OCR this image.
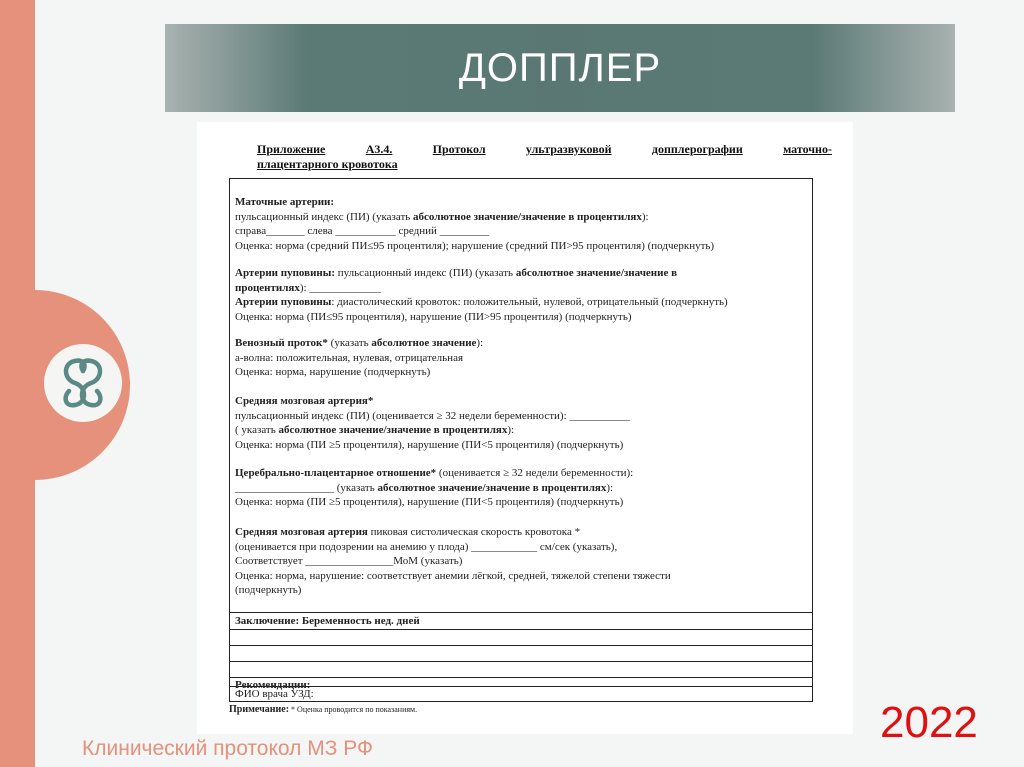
ДОППЛЕР
Приложение	А3.4.	Протокол	ультразвуковой	допплерографии	маточно-
плацентарного кровотока
Маточные артерии:
пульсационный индекс (ПИ) (указать абсолютное значение/значение в процентилях):
справа_______ слева ___________ средний _________
Оценка: норма (средний ПИ≤95 процентиля); нарушение (средний ПИ>95 процентиля) (подчеркнуть)
Артерии пуповины: пульсационный индекс (ПИ) (указать абсолютное значение/значение в
процентилях): _____________
Артерии пуповины: диастолический кровоток: положительный, нулевой, отрицательный (подчеркнуть)
Оценка: норма (ПИ≤95 процентиля), нарушение (ПИ>95 процентиля) (подчеркнуть)
Венозный проток* (указать абсолютное значение):
а-волна: положительная, нулевая, отрицательная
Оценка: норма, нарушение (подчеркнуть)
Средняя мозговая артерия*
пульсационный индекс (ПИ) (оценивается ≥ 32 недели беременности): ___________
( указать абсолютное значение/значение в процентилях):
Оценка: норма (ПИ ≥5 процентиля), нарушение (ПИ<5 процентиля) (подчеркнуть)
Церебрально-плацентарное отношение* (оценивается ≥ 32 недели беременности):
__________________ (указать абсолютное значение/значение в процентилях):
Оценка: норма (ПИ ≥5 процентиля), нарушение (ПИ<5 процентиля) (подчеркнуть)
Средняя мозговая артерия пиковая систолическая скорость кровотока *
(оценивается при подозрении на анемию у плода) ____________ см/сек (указать),
Соответствует ________________МоМ (указать)
Оценка: норма, нарушение: соответствует анемии лёгкой, средней, тяжелой степени тяжести
(подчеркнуть)
Заключение: Беременность нед. дней
Рекомендации:
ФИО врача УЗД:
Примечание: * Оценка проводится по показаниям.	2022
Клинический протокол МЗ РФ
